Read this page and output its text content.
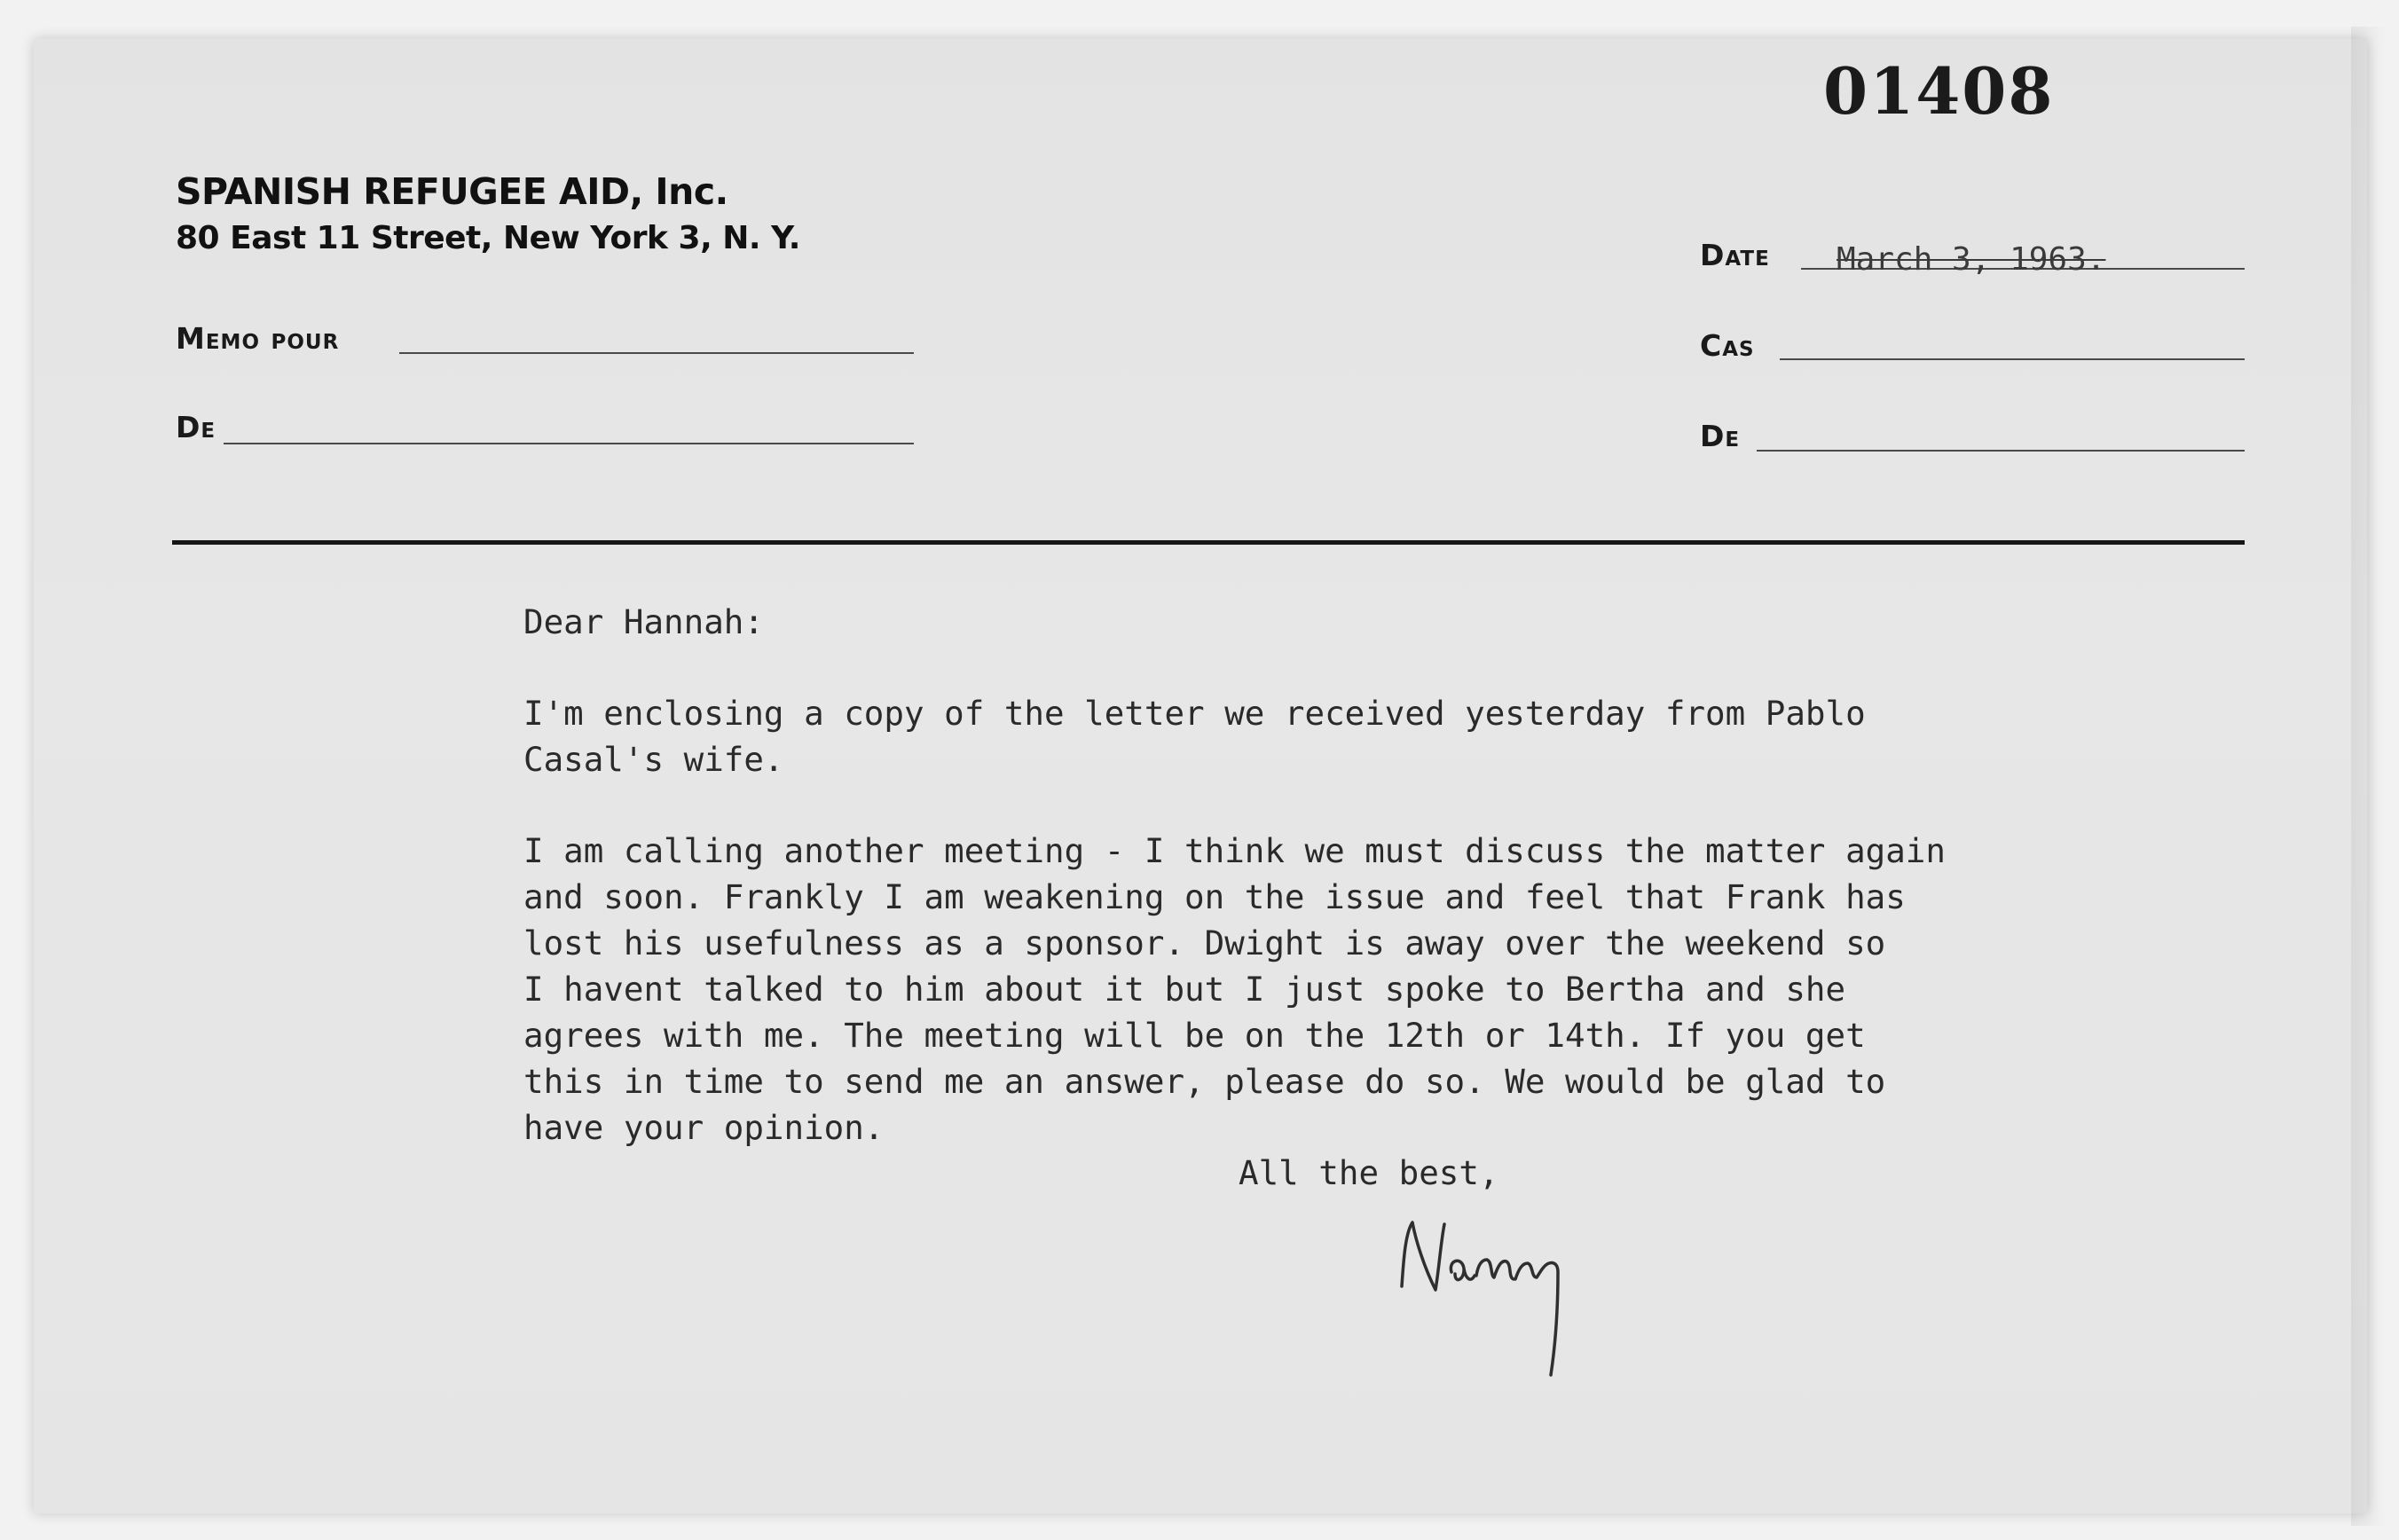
01408
SPANISH REFUGEE AID, Inc.
80 East 11 Street, New York 3, N. Y.
Memo pour
De
Date March 3, 1963.
Cas
De

Dear Hannah:

I'm enclosing a copy of the letter we received yesterday from Pablo
Casal's wife.

I am calling another meeting - I think we must discuss the matter again
and soon. Frankly I am weakening on the issue and feel that Frank has
lost his usefulness as a sponsor. Dwight is away over the weekend so
I havent talked to him about it but I just spoke to Bertha and she
agrees with me. The meeting will be on the 12th or 14th. If you get
this in time to send me an answer, please do so. We would be glad to
have your opinion.

All the best,
